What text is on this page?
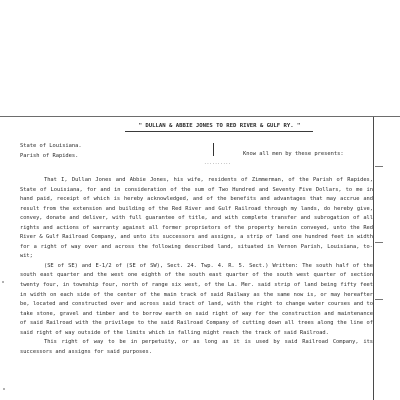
" DULLAN & ABBIE JONES TO RED RIVER & GULF RY. "
State of Louisiana.
Parish of Rapides.
..........
Know all men by these presents:

That I, Dullan Jones and Abbie Jones, his wife, residents of Zimmerman, of the Parish of Rapides, State of Louisiana, for and in consideration of the sum of Two Hundred and Seventy Five Dollars, to me in hand paid, receipt of which is hereby acknowledged, and of the benefits and advantages that may accrue and result from the extension and building of the Red River and Gulf Railroad through my lands, do hereby give, convey, donate and deliver, with full guarantee of title, and with complete transfer and subrogation of all rights and actions of warranty against all former proprietors of the property herein conveyed, unto the Red River & Gulf Railroad Company, and unto its successors and assigns, a strip of land one hundred feet in width for a right of way over and across the following described land, situated in Vernon Parish, Louisiana, to-wit;

(SE of SE) and E-1/2 of (SE of SW), Sect. 24. Twp. 4. R. 5. Sect.) Written: The south half of the south east quarter and the west one eighth of the south east quarter of the south west quarter of section twenty four, in township four, north of range six west, of the La. Mer. said strip of land being fifty feet in width on each side of the center of the main track of said Railway as the same now is, or may hereafter be, located and constructed over and across said tract of land, with the right to change water courses and to take stone, gravel and timber and to borrow earth on said right of way for the construction and maintenance of said Railroad with the privilege to the said Railroad Company of cutting down all trees along the line of said right of way outside of the limits which in falling might reach the track of said Railroad.

This right of way to be in perpetuity, or as long as it is used by said Railroad Company, its successors and assigns for said purposes.
